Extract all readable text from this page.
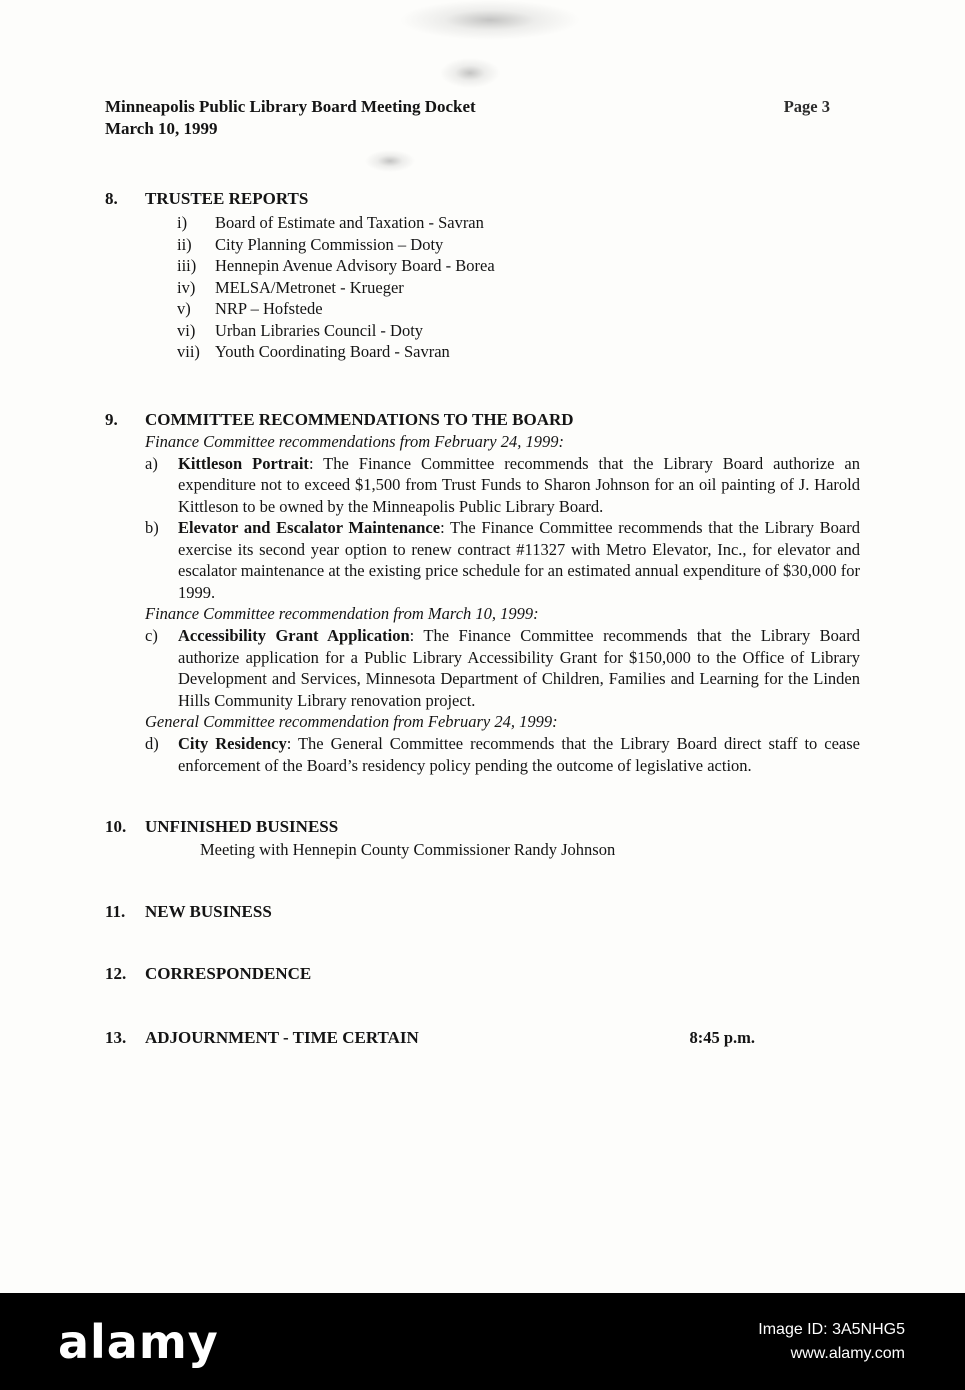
Minneapolis Public Library Board Meeting Docket
March 10, 1999
Page 3
8.	TRUSTEE REPORTS
i)	Board of Estimate and Taxation - Savran
ii)	City Planning Commission – Doty
iii)	Hennepin Avenue Advisory Board - Borea
iv)	MELSA/Metronet - Krueger
v)	NRP – Hofstede
vi)	Urban Libraries Council - Doty
vii) Youth Coordinating Board - Savran
9.	COMMITTEE RECOMMENDATIONS TO THE BOARD
Finance Committee recommendations from February 24, 1999:
a)	Kittleson Portrait: The Finance Committee recommends that the Library Board authorize an expenditure not to exceed $1,500 from Trust Funds to Sharon Johnson for an oil painting of J. Harold Kittleson to be owned by the Minneapolis Public Library Board.

b)	Elevator and Escalator Maintenance: The Finance Committee recommends that the Library Board exercise its second year option to renew contract #11327 with Metro Elevator, Inc., for elevator and escalator maintenance at the existing price schedule for an estimated annual expenditure of $30,000 for 1999.

Finance Committee recommendation from March 10, 1999:
c)	Accessibility Grant Application: The Finance Committee recommends that the Library Board authorize application for a Public Library Accessibility Grant for $150,000 to the Office of Library Development and Services, Minnesota Department of Children, Families and Learning for the Linden Hills Community Library renovation project.

General Committee recommendation from February 24, 1999:
d)	City Residency: The General Committee recommends that the Library Board direct staff to cease enforcement of the Board’s residency policy pending the outcome of legislative action.

10.	UNFINISHED BUSINESS
Meeting with Hennepin County Commissioner Randy Johnson
11.	NEW BUSINESS
12.	CORRESPONDENCE
13.	ADJOURNMENT - TIME CERTAIN	8:45 p.m.
alamy	Image ID: 3A5NHG5
www.alamy.com
